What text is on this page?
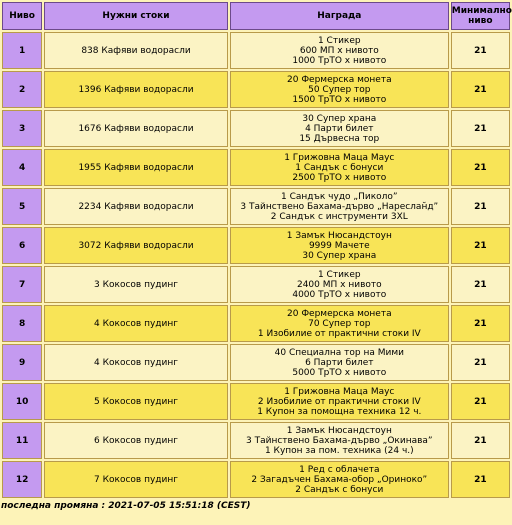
Ниво	Нужни стоки	Награда	Минимално ниво
1	838 Кафяви водорасли	1 Стикер
600 МП х нивото
1000 ТрТО х нивото	21
2	1396 Кафяви водорасли	20 Фермерска монета
50 Супер тор
1500 ТрТО х нивото	21
3	1676 Кафяви водорасли	30 Супер храна
4 Парти билет
15 Дървесна тор	21
4	1955 Кафяви водорасли	1 Грижовна Маца Маус
1 Сандък с бонуси
2500 ТрТО х нивото	21
5	2234 Кафяви водорасли	1 Сандък чудо „Пиколо”
3 Тайнствено Бахама-дърво „Нареслан̆д”
2 Сандък с инструменти 3XL	21
6	3072 Кафяви водорасли	1 Замък Нюсандстоун
9999 Мачете
30 Супер храна	21
7	3 Кокосов пудинг	1 Стикер
2400 МП х нивото
4000 ТрТО х нивото	21
8	4 Кокосов пудинг	20 Фермерска монета
70 Супер тор
1 Изобилие от практични стоки IV	21
9	4 Кокосов пудинг	40 Специална тор на Мими
6 Парти билет
5000 ТрТО х нивото	21
10	5 Кокосов пудинг	1 Грижовна Маца Маус
2 Изобилие от практични стоки IV
1 Купон за помощна техника 12 ч.	21
11	6 Кокосов пудинг	1 Замък Нюсандстоун
3 Тайнствено Бахама-дърво „Окинава”
1 Купон за пом. техника (24 ч.)	21
12	7 Кокосов пудинг	1 Ред с облачета
2 Загадъчен Бахама-обор „Ориноко”
2 Сандък с бонуси	21
последна промяна : 2021-07-05 15:51:18 (CEST)
